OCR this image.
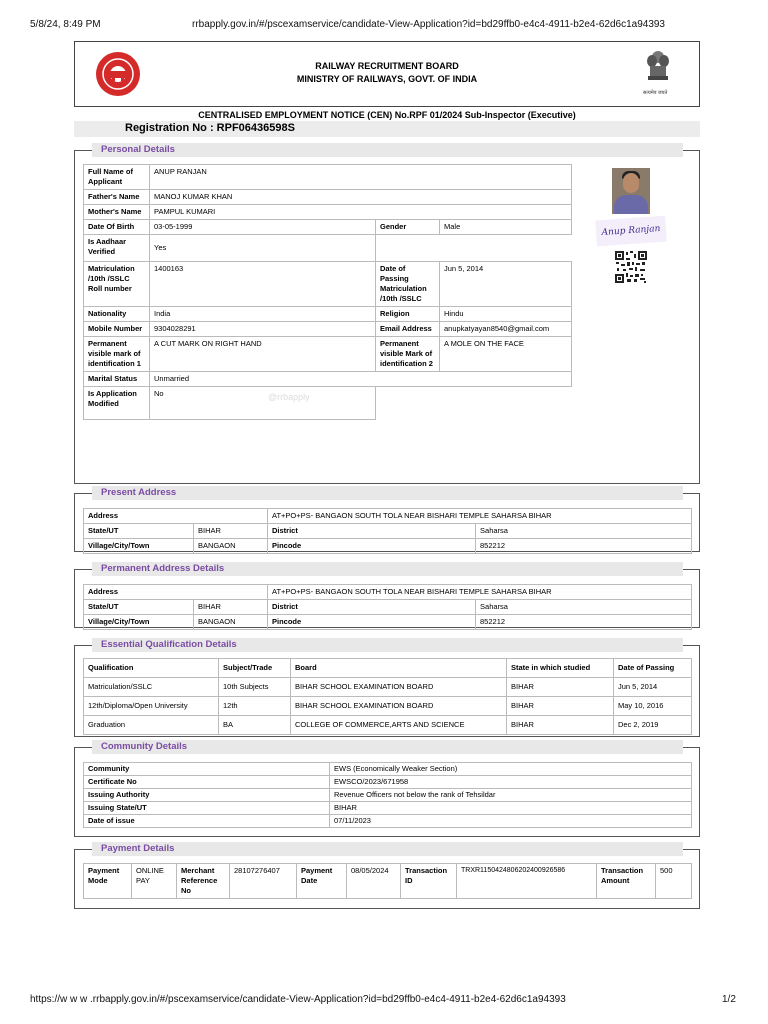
5/8/24, 8:49 PM	rrbapply.gov.in/#/pscexamservice/candidate-View-Application?id=bd29ffb0-e4c4-4911-b2e4-62d6c1a94393
RAILWAY RECRUITMENT BOARD
MINISTRY OF RAILWAYS, GOVT. OF INDIA
सत्यमेव जयते
CENTRALISED EMPLOYMENT NOTICE (CEN) No.RPF 01/2024 Sub-Inspector (Executive)
Registration No : RPF06436598S
Personal Details
Full Name of Applicant	ANUP RANJAN		
Father's Name	MANOJ KUMAR KHAN		
Mother's Name	PAMPUL KUMARI		
Date Of Birth	03-05-1999	Gender	Male
Is Aadhaar Verified	Yes		
Matriculation /10th /SSLC Roll number	1400163	Date of Passing Matriculation /10th /SSLC	Jun 5, 2014
Nationality	India	Religion	Hindu
Mobile Number	9304028291	Email Address	anupkatyayan8540@gmail.com
Permanent visible mark of identification 1	A CUT MARK ON RIGHT HAND	Permanent visible Mark of identification 2	A MOLE ON THE FACE
Marital Status	Unmarried		
Is Application Modified	No		
Anup Ranjan
@rrbapply
Present Address
Address		AT+PO+PS- BANGAON SOUTH TOLA NEAR BISHARI TEMPLE SAHARSA BIHAR	
State/UT	BIHAR	District	Saharsa
Village/City/Town	BANGAON	Pincode	852212
Permanent Address Details
Address		AT+PO+PS- BANGAON SOUTH TOLA NEAR BISHARI TEMPLE SAHARSA BIHAR	
State/UT	BIHAR	District	Saharsa
Village/City/Town	BANGAON	Pincode	852212
Essential Qualification Details
Qualification	Subject/Trade	Board	State in which studied	Date of Passing
Matriculation/SSLC	10th Subjects	BIHAR SCHOOL EXAMINATION BOARD	BIHAR	Jun 5, 2014
12th/Diploma/Open University	12th	BIHAR SCHOOL EXAMINATION BOARD	BIHAR	May 10, 2016
Graduation	BA	COLLEGE OF COMMERCE,ARTS AND SCIENCE	BIHAR	Dec 2, 2019
Community Details
Community	EWS (Economically Weaker Section)
Certificate No	EWSCO/2023/671958
Issuing Authority	Revenue Officers not below the rank of Tehsildar
Issuing State/UT	BIHAR
Date of issue	07/11/2023
Payment Details
Payment Mode	ONLINE PAY	Merchant Reference No	28107276407	Payment Date	08/05/2024	Transaction ID	TRXR1150424806202400926586	Transaction Amount	500
https://w w w .rrbapply.gov.in/#/pscexamservice/candidate-View-Application?id=bd29ffb0-e4c4-4911-b2e4-62d6c1a94393	1/2
